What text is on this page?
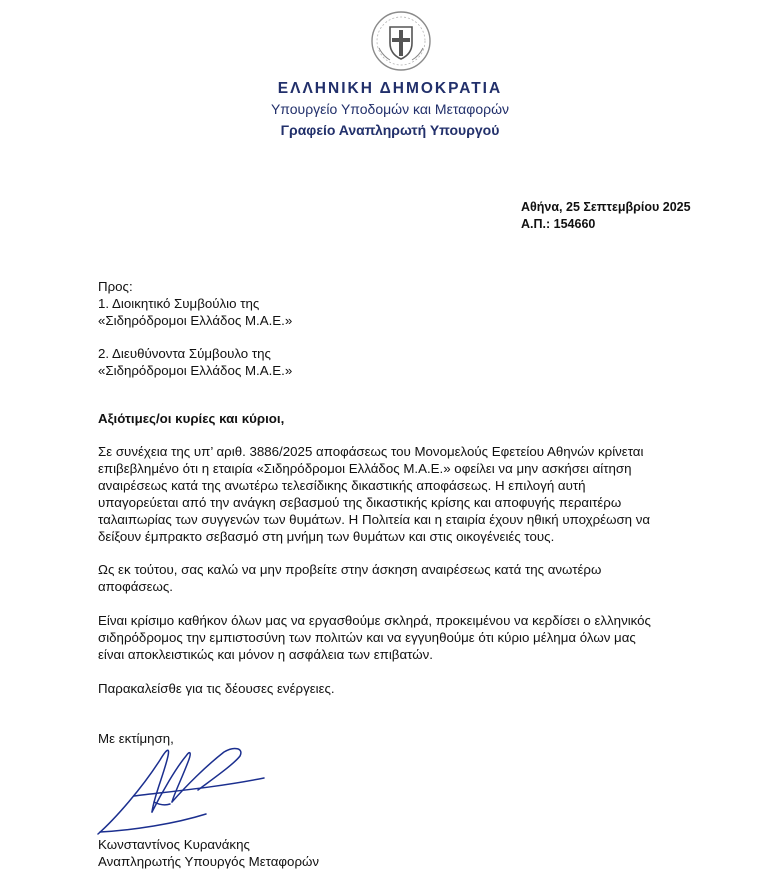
ΕΛΛΗΝΙΚΗ ΔΗΜΟΚΡΑΤΙΑ
Υπουργείο Υποδομών και Μεταφορών
Γραφείο Αναπληρωτή Υπουργού
Αθήνα, 25 Σεπτεμβρίου 2025
Α.Π.: 154660
Προς:
1. Διοικητικό Συμβούλιο της
«Σιδηρόδρομοι Ελλάδος Μ.Α.Ε.»
2. Διευθύνοντα Σύμβουλο της
«Σιδηρόδρομοι Ελλάδος Μ.Α.Ε.»
Αξιότιμες/οι κυρίες και κύριοι,
Σε συνέχεια της υπ’ αριθ. 3886/2025 αποφάσεως του Μονομελούς Εφετείου Αθηνών κρίνεται
επιβεβλημένο ότι η εταιρία «Σιδηρόδρομοι Ελλάδος Μ.Α.Ε.» οφείλει να μην ασκήσει αίτηση
αναιρέσεως κατά της ανωτέρω τελεσίδικης δικαστικής αποφάσεως. Η επιλογή αυτή
υπαγορεύεται από την ανάγκη σεβασμού της δικαστικής κρίσης και αποφυγής περαιτέρω
ταλαιπωρίας των συγγενών των θυμάτων. Η Πολιτεία και η εταιρία έχουν ηθική υποχρέωση να
δείξουν έμπρακτο σεβασμό στη μνήμη των θυμάτων και στις οικογένειές τους.
Ως εκ τούτου, σας καλώ να μην προβείτε στην άσκηση αναιρέσεως κατά της ανωτέρω
αποφάσεως.
Είναι κρίσιμο καθήκον όλων μας να εργασθούμε σκληρά, προκειμένου να κερδίσει ο ελληνικός
σιδηρόδρομος την εμπιστοσύνη των πολιτών και να εγγυηθούμε ότι κύριο μέλημα όλων μας
είναι αποκλειστικώς και μόνον η ασφάλεια των επιβατών.
Παρακαλείσθε για τις δέουσες ενέργειες.
Με εκτίμηση,
Κωνσταντίνος Κυρανάκης
Αναπληρωτής Υπουργός Μεταφορών
